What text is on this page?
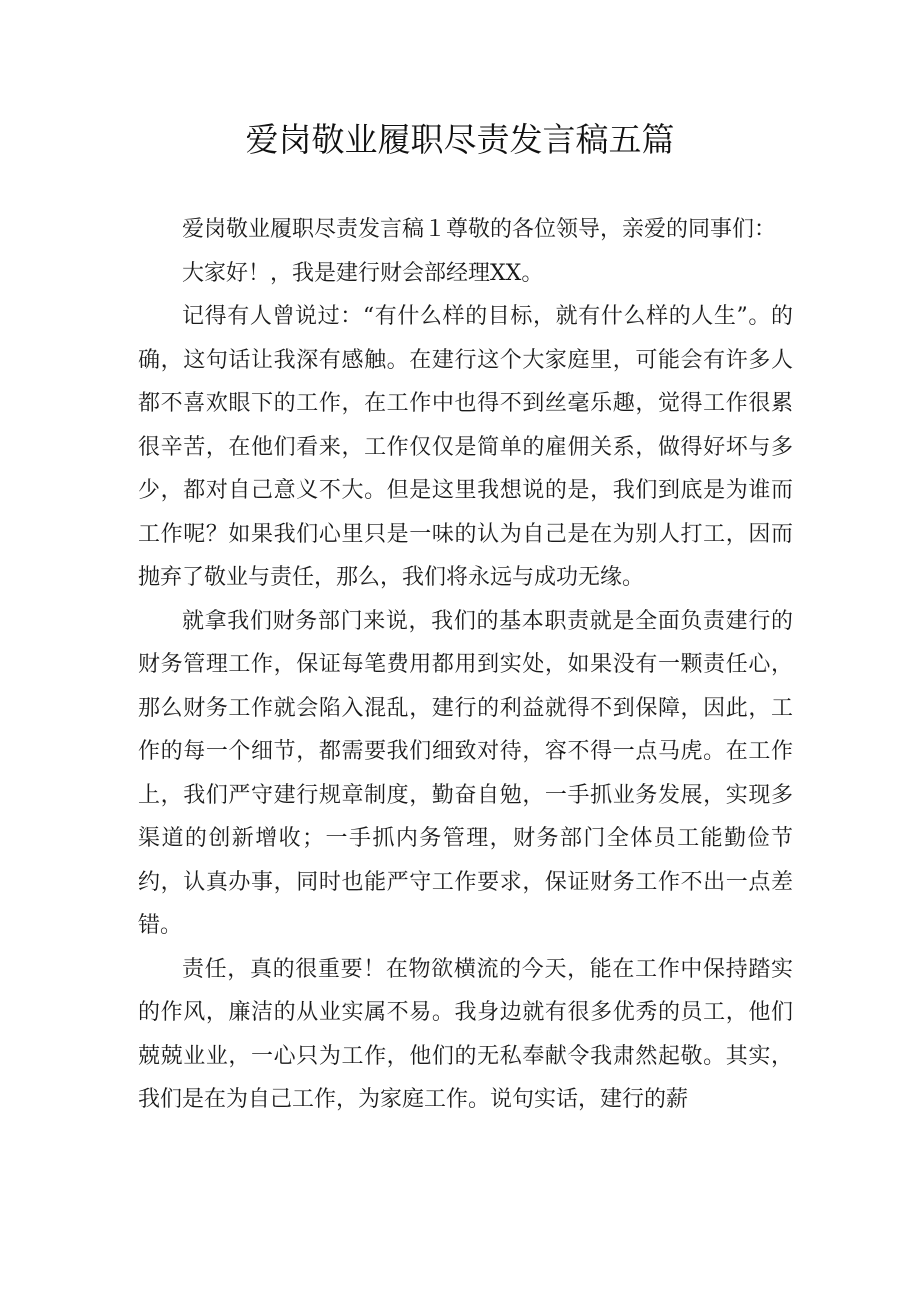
爱岗敬业履职尽责发言稿五篇

爱岗敬业履职尽责发言稿１尊敬的各位领导，亲爱的同事们：

大家好！，我是建行财会部经理XX。

记得有人曾说过：“有什么样的目标，就有什么样的人生”。的确，这句话让我深有感触。在建行这个大家庭里，可能会有许多人都不喜欢眼下的工作，在工作中也得不到丝毫乐趣，觉得工作很累很辛苦，在他们看来，工作仅仅是简单的雇佣关系，做得好坏与多少，都对自己意义不大。但是这里我想说的是，我们到底是为谁而工作呢？如果我们心里只是一味的认为自己是在为别人打工，因而抛弃了敬业与责任，那么，我们将永远与成功无缘。

就拿我们财务部门来说，我们的基本职责就是全面负责建行的财务管理工作，保证每笔费用都用到实处，如果没有一颗责任心，那么财务工作就会陷入混乱，建行的利益就得不到保障，因此，工作的每一个细节，都需要我们细致对待，容不得一点马虎。在工作上，我们严守建行规章制度，勤奋自勉，一手抓业务发展，实现多渠道的创新增收；一手抓内务管理，财务部门全体员工能勤俭节约，认真办事，同时也能严守工作要求，保证财务工作不出一点差错。

责任，真的很重要！在物欲横流的今天，能在工作中保持踏实的作风，廉洁的从业实属不易。我身边就有很多优秀的员工，他们兢兢业业，一心只为工作，他们的无私奉献令我肃然起敬。其实，我们是在为自己工作，为家庭工作。说句实话，建行的薪
